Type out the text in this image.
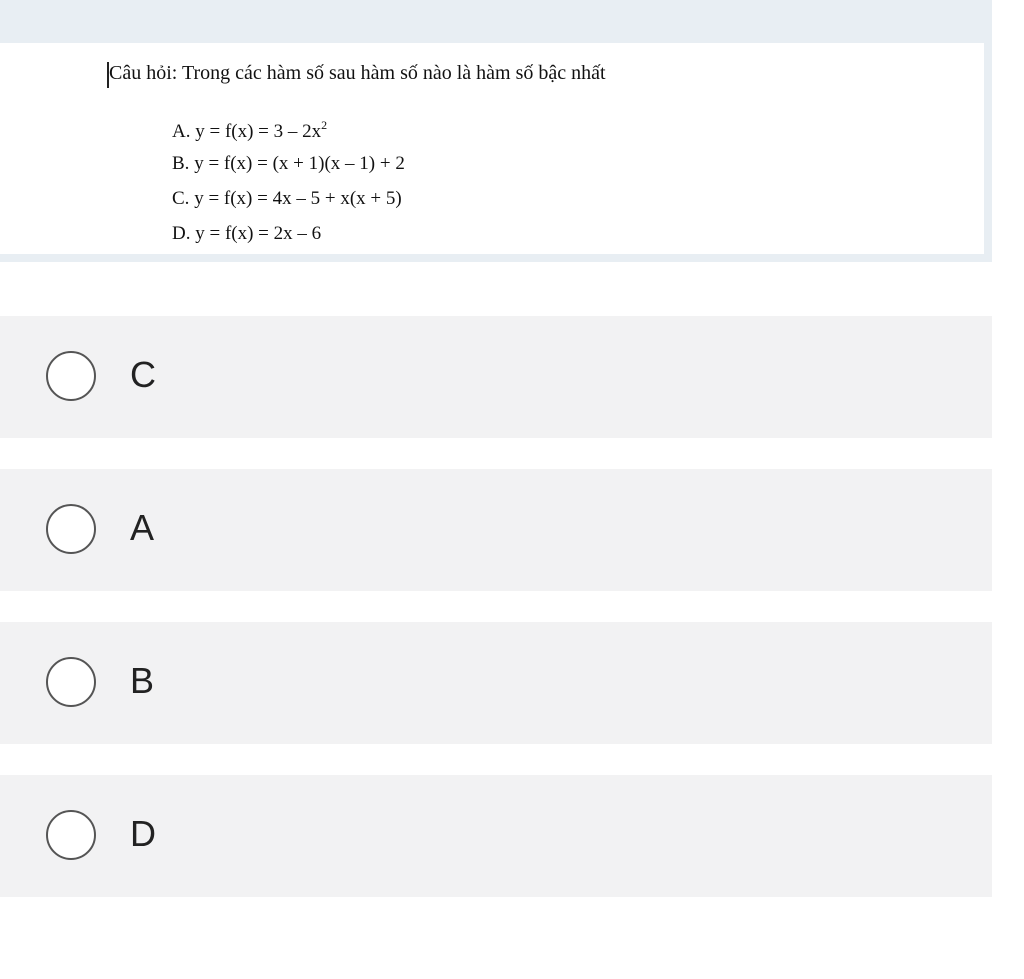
Câu hỏi: Trong các hàm số sau hàm số nào là hàm số bậc nhất
A. $y = f(x) = 3 - 2x^2$
B. y = f(x) = (x + 1)(x – 1) + 2
C. y = f(x) = 4x – 5 + x(x + 5)
D. y = f(x) = 2x – 6
C
A
B
D
